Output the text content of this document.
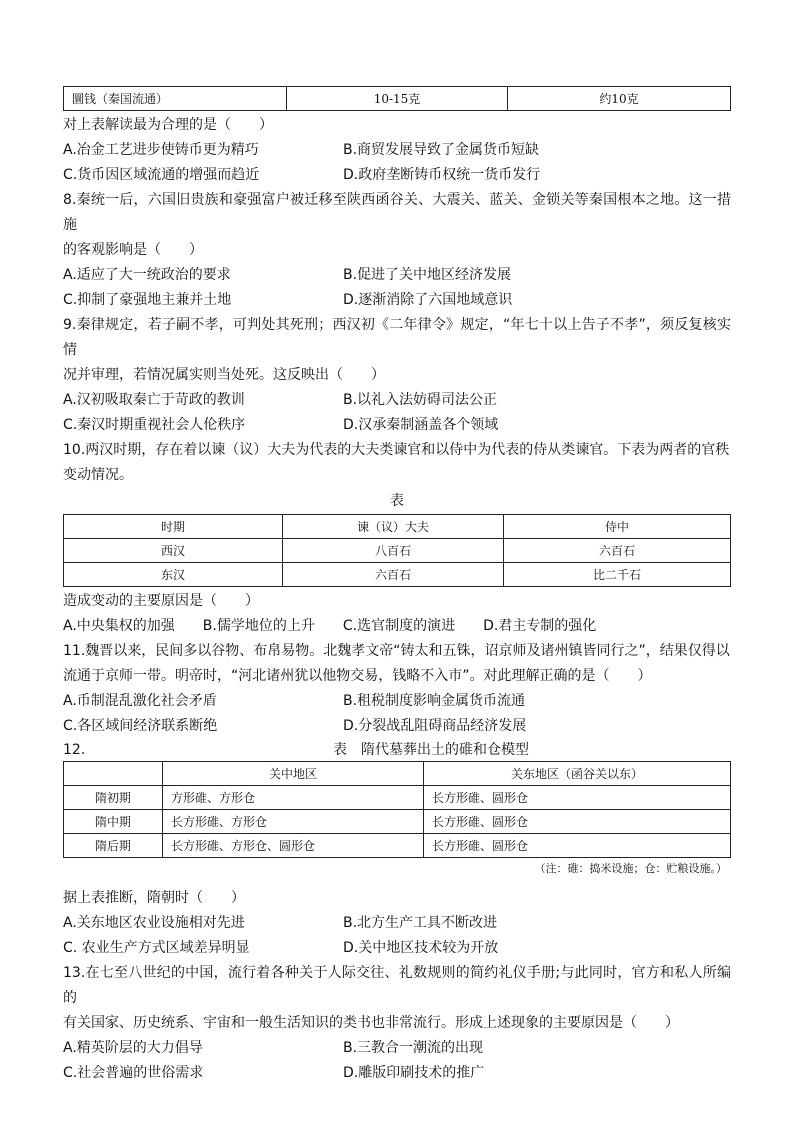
圜钱（秦国流通）	10-15克	约10克
对上表解读最为合理的是（　　）
A.冶金工艺进步使铸币更为精巧	B.商贸发展导致了金属货币短缺
C.货币因区域流通的增强而趋近	D.政府垄断铸币权统一货币发行
8.秦统一后，六国旧贵族和豪强富户被迁移至陕西函谷关、大震关、蓝关、金锁关等秦国根本之地。这一措施
的客观影响是（　　）
A.适应了大一统政治的要求	B.促进了关中地区经济发展
C.抑制了豪强地主兼并土地	D.逐渐消除了六国地域意识
9.秦律规定，若子嗣不孝，可判处其死刑；西汉初《二年律令》规定，“年七十以上告子不孝”，须反复核实情
况并审理，若情况属实则当处死。这反映出（　　）
A.汉初吸取秦亡于苛政的教训	B.以礼入法妨碍司法公正
C.秦汉时期重视社会人伦秩序	D.汉承秦制涵盖各个领域
10.两汉时期，存在着以谏（议）大夫为代表的大夫类谏官和以侍中为代表的侍从类谏官。下表为两者的官秩
变动情况。
表
时期	谏（议）大夫	侍中
西汉	八百石	六百石
东汉	六百石	比二千石
造成变动的主要原因是（　　）
A.中央集权的加强 B.儒学地位的上升 C.选官制度的演进 D.君主专制的强化
11.魏晋以来，民间多以谷物、布帛易物。北魏孝文帝“铸太和五铢，诏京师及诸州镇皆同行之”，结果仅得以
流通于京师一带。明帝时，“河北诸州犹以他物交易，钱略不入市”。对此理解正确的是（　　）
A.币制混乱激化社会矛盾	B.租税制度影响金属货币流通
C.各区域间经济联系断绝	D.分裂战乱阻碍商品经济发展
12.	表　隋代墓葬出土的碓和仓模型
	关中地区	关东地区（函谷关以东）
隋初期	方形碓、方形仓	长方形碓、圆形仓
隋中期	长方形碓、方形仓	长方形碓、圆形仓
隋后期	长方形碓、方形仓、圆形仓	长方形碓、圆形仓
（注：碓：捣米设施；仓：贮粮设施。）
据上表推断，隋朝时（　　）
A.关东地区农业设施相对先进	B.北方生产工具不断改进
C. 农业生产方式区域差异明显	D.关中地区技术较为开放
13.在七至八世纪的中国，流行着各种关于人际交往、礼数规则的简约礼仪手册;与此同时，官方和私人所编的
有关国家、历史统系、宇宙和一般生活知识的类书也非常流行。形成上述现象的主要原因是（　　）
A.精英阶层的大力倡导	B.三教合一潮流的出现
C.社会普遍的世俗需求	D.雕版印刷技术的推广
